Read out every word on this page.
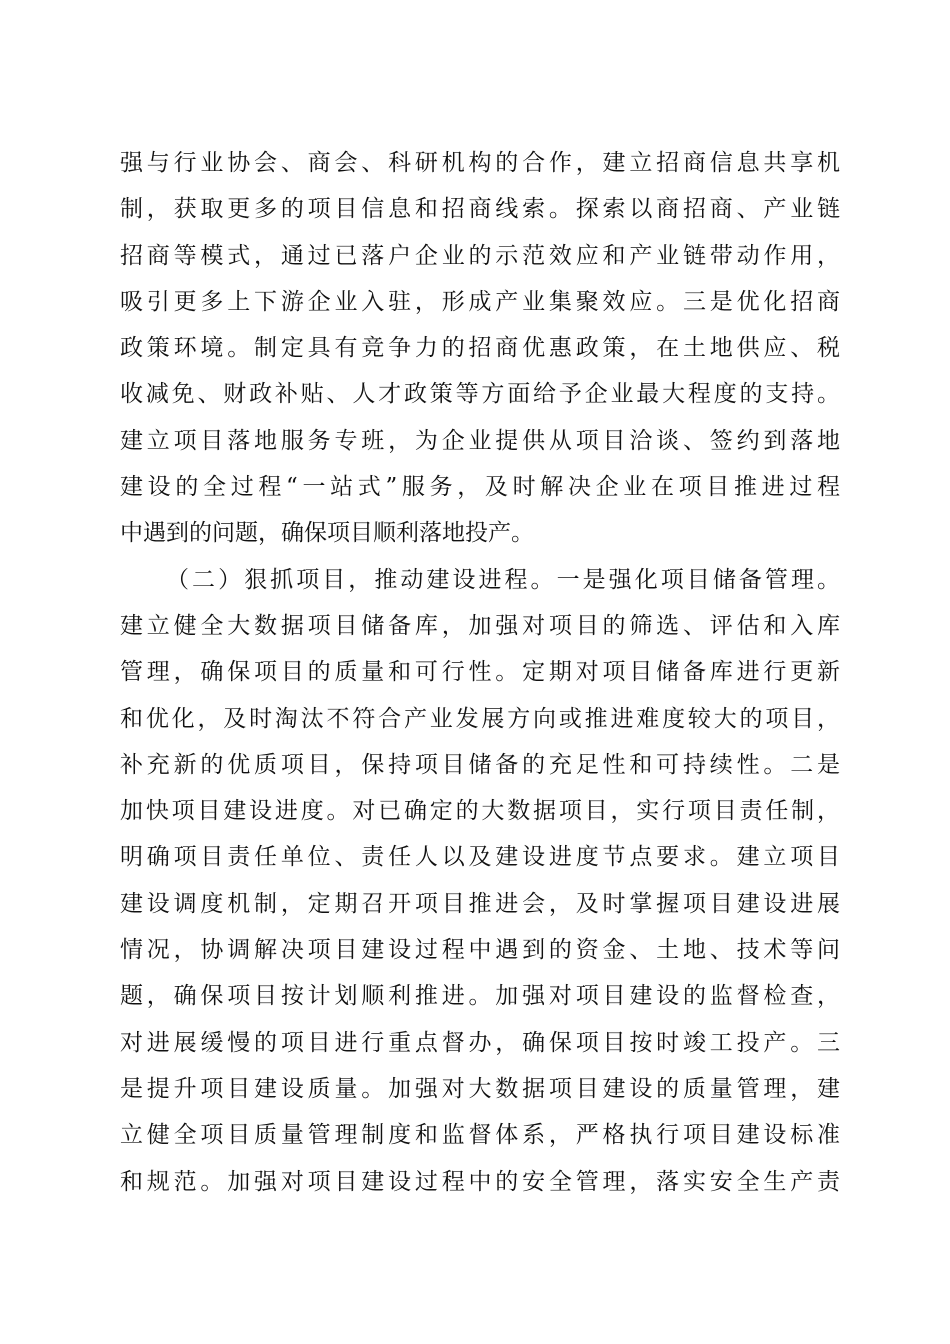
强与行业协会、商会、科研机构的合作，建立招商信息共享机
制，获取更多的项目信息和招商线索。探索以商招商、产业链
招商等模式，通过已落户企业的示范效应和产业链带动作用，
吸引更多上下游企业入驻，形成产业集聚效应。三是优化招商
政策环境。制定具有竞争力的招商优惠政策，在土地供应、税
收减免、财政补贴、人才政策等方面给予企业最大程度的支持。
建立项目落地服务专班，为企业提供从项目洽谈、签约到落地
建设的全过程“一站式”服务，及时解决企业在项目推进过程
中遇到的问题，确保项目顺利落地投产。
（二）狠抓项目，推动建设进程。一是强化项目储备管理。
建立健全大数据项目储备库，加强对项目的筛选、评估和入库
管理，确保项目的质量和可行性。定期对项目储备库进行更新
和优化，及时淘汰不符合产业发展方向或推进难度较大的项目，
补充新的优质项目，保持项目储备的充足性和可持续性。二是
加快项目建设进度。对已确定的大数据项目，实行项目责任制，
明确项目责任单位、责任人以及建设进度节点要求。建立项目
建设调度机制，定期召开项目推进会，及时掌握项目建设进展
情况，协调解决项目建设过程中遇到的资金、土地、技术等问
题，确保项目按计划顺利推进。加强对项目建设的监督检查，
对进展缓慢的项目进行重点督办，确保项目按时竣工投产。三
是提升项目建设质量。加强对大数据项目建设的质量管理，建
立健全项目质量管理制度和监督体系，严格执行项目建设标准
和规范。加强对项目建设过程中的安全管理，落实安全生产责
